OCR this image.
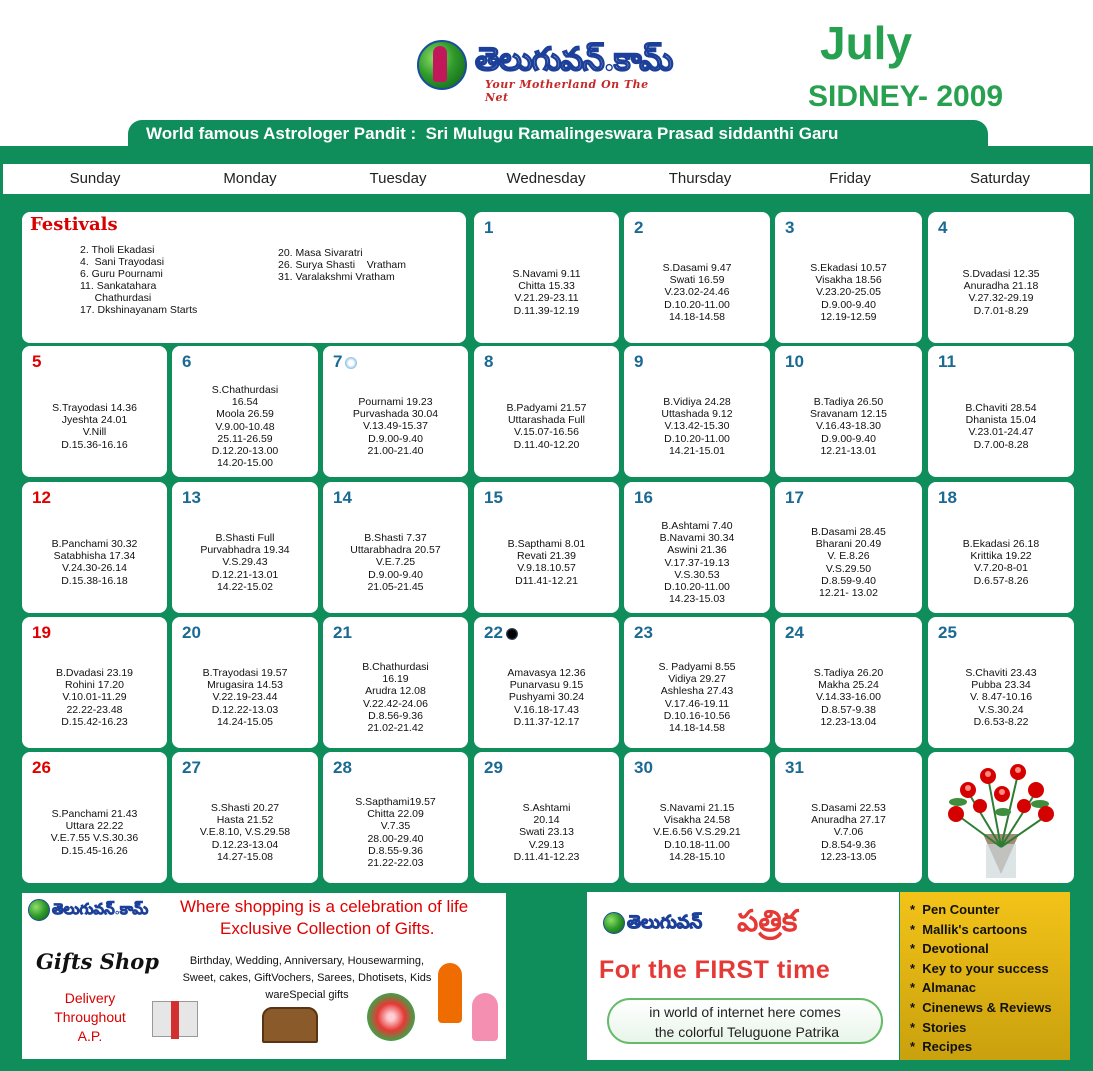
తెలుగువన్.కామ్
Your Motherland On The Net
July
SIDNEY- 2009
World famous Astrologer Pandit :  Sri Mulugu Ramalingeswara Prasad siddanthi Garu
Sunday	Monday	Tuesday	Wednesday	Thursday	Friday	Saturday
Festivals
2. Tholi Ekadasi
4.  Sani Trayodasi
6. Guru Pournami
11. Sankatahara
Chathurdasi
17. Dkshinayanam Starts
20. Masa Sivaratri
26. Surya Shasti    Vratham
31. Varalakshmi Vratham
1
S.Navami 9.11
Chitta 15.33
V.21.29-23.11
D.11.39-12.19
2
S.Dasami 9.47
Swati 16.59
V.23.02-24.46
D.10.20-11.00
14.18-14.58
3
S.Ekadasi 10.57
Visakha 18.56
V.23.20-25.05
D.9.00-9.40
12.19-12.59
4
S.Dvadasi 12.35
Anuradha 21.18
V.27.32-29.19
D.7.01-8.29
5
S.Trayodasi 14.36
Jyeshta 24.01
V.Nill
D.15.36-16.16
6
S.Chathurdasi
16.54
Moola 26.59
V.9.00-10.48
25.11-26.59
D.12.20-13.00
14.20-15.00
7
Pournami 19.23
Purvashada 30.04
V.13.49-15.37
D.9.00-9.40
21.00-21.40
8
B.Padyami 21.57
Uttarashada Full
V.15.07-16.56
D.11.40-12.20
9
B.Vidiya 24.28
Uttashada 9.12
V.13.42-15.30
D.10.20-11.00
14.21-15.01
10
B.Tadiya 26.50
Sravanam 12.15
V.16.43-18.30
D.9.00-9.40
12.21-13.01
11
B.Chaviti 28.54
Dhanista 15.04
V.23.01-24.47
D.7.00-8.28
12
B.Panchami 30.32
Satabhisha 17.34
V.24.30-26.14
D.15.38-16.18
13
B.Shasti Full
Purvabhadra 19.34
V.S.29.43
D.12.21-13.01
14.22-15.02
14
B.Shasti 7.37
Uttarabhadra 20.57
V.E.7.25
D.9.00-9.40
21.05-21.45
15
B.Sapthami 8.01
Revati 21.39
V.9.18.10.57
D11.41-12.21
16
B.Ashtami 7.40
B.Navami 30.34
Aswini 21.36
V.17.37-19.13
V.S.30.53
D.10.20-11.00
14.23-15.03
17
B.Dasami 28.45
Bharani 20.49
V. E.8.26
V.S.29.50
D.8.59-9.40
12.21- 13.02
18
B.Ekadasi 26.18
Krittika 19.22
V.7.20-8-01
D.6.57-8.26
19
B.Dvadasi 23.19
Rohini 17.20
V.10.01-11.29
22.22-23.48
D.15.42-16.23
20
B.Trayodasi 19.57
Mrugasira 14.53
V.22.19-23.44
D.12.22-13.03
14.24-15.05
21
B.Chathurdasi
16.19
Arudra 12.08
V.22.42-24.06
D.8.56-9.36
21.02-21.42
22
Amavasya 12.36
Punarvasu 9.15
Pushyami 30.24
V.16.18-17.43
D.11.37-12.17
23
S. Padyami 8.55
Vidiya 29.27
Ashlesha 27.43
V.17.46-19.11
D.10.16-10.56
14.18-14.58
24
S.Tadiya 26.20
Makha 25.24
V.14.33-16.00
D.8.57-9.38
12.23-13.04
25
S.Chaviti 23.43
Pubba 23.34
V. 8.47-10.16
V.S.30.24
D.6.53-8.22
26
S.Panchami 21.43
Uttara 22.22
V.E.7.55 V.S.30.36
D.15.45-16.26
27
S.Shasti 20.27
Hasta 21.52
V.E.8.10, V.S.29.58
D.12.23-13.04
14.27-15.08
28
S.Sapthami19.57
Chitta 22.09
V.7.35
28.00-29.40
D.8.55-9.36
21.22-22.03
29
S.Ashtami
20.14
Swati 23.13
V.29.13
D.11.41-12.23
30
S.Navami 21.15
Visakha 24.58
V.E.6.56 V.S.29.21
D.10.18-11.00
14.28-15.10
31
S.Dasami 22.53
Anuradha 27.17
V.7.06
D.8.54-9.36
12.23-13.05
తెలుగువన్.కామ్ Where shopping is a celebration of life
Exclusive Collection of Gifts.
Gifts Shop	Birthday, Wedding, Anniversary, Housewarming, Sweet, cakes, GiftVochers, Sarees, Dhotisets, Kids wareSpecial gifts
Delivery
Throughout
A.P.
తెలుగువన్ పత్రిక
For the FIRST time
in world of internet here comes
the colorful Teluguone Patrika
*  Pen Counter
*  Mallik's cartoons
*  Devotional
*  Key to your success
*  Almanac
*  Cinenews & Reviews
*  Stories
*  Recipes
